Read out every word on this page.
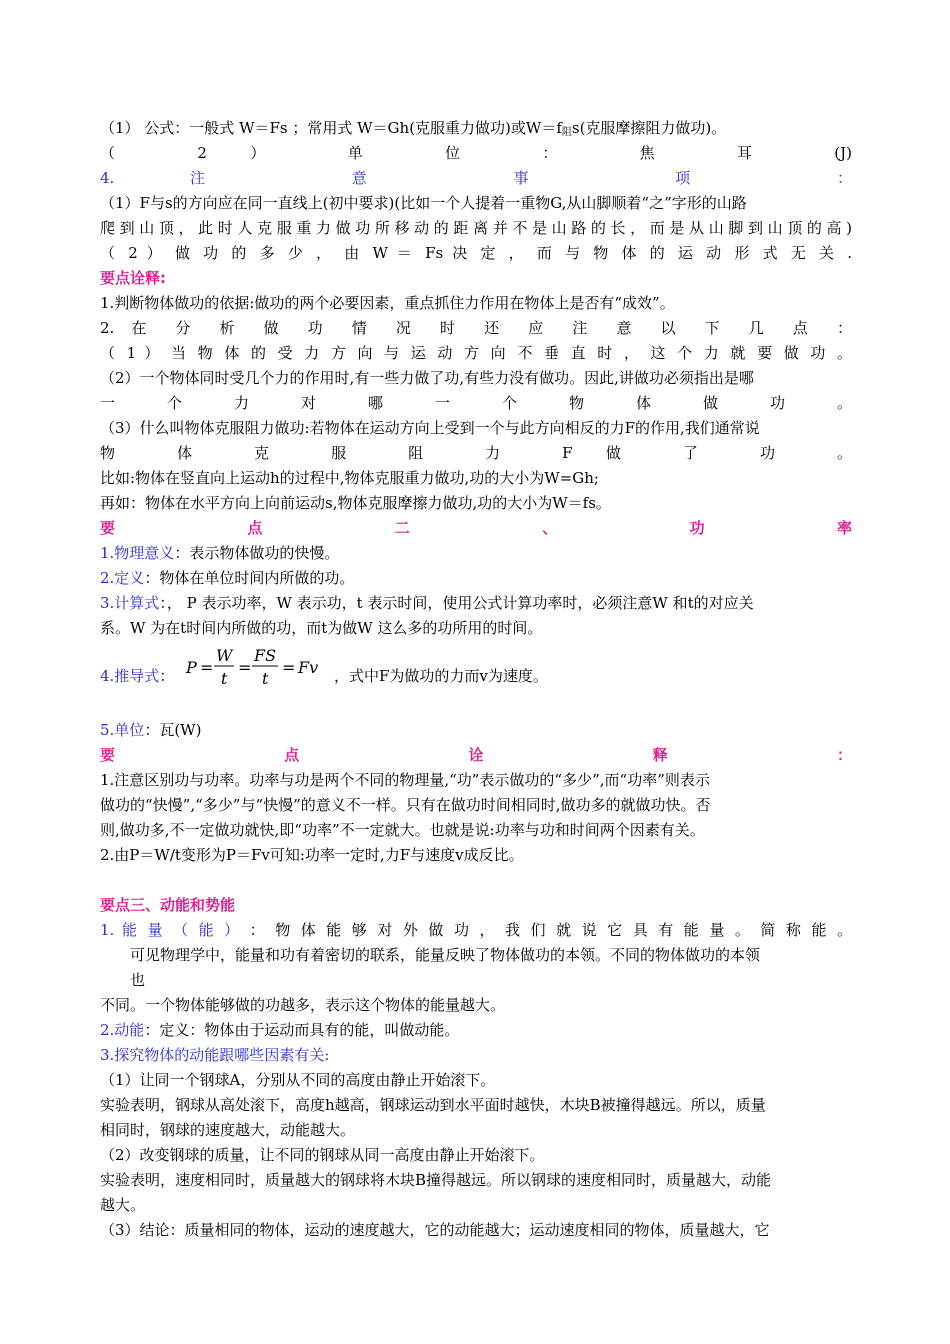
（1） 公式：一般式 W＝Fs ；常用式 W＝Gh(克服重力做功)或$W=f_阻s$(克服摩擦阻力做功)。
（ 2 ） 单 位 ： 焦 耳 (J)
4. 注 意 事 项 ：
（1）F与s的方向应在同一直线上(初中要求)(比如一个人提着一重物G,从山脚顺着“之”字形的山路
爬到山顶，此时人克服重力做功所移动的距离并不是山路的长，而是从山脚到山顶的高)
（ 2 ） 做 功 的 多 少 ， 由 W ＝ Fs 决 定 ， 而 与 物 体 的 运 动 形 式 无 关 .
要点诠释:
1.判断物体做功的依据:做功的两个必要因素，重点抓住力作用在物体上是否有“成效”。
2. 在 分 析 做 功 情 况 时 还 应 注 意 以 下 几 点 ：
（ 1 ） 当 物 体 的 受 力 方 向 与 运 动 方 向 不 垂 直 时 ， 这 个 力 就 要 做 功 。
（2）一个物体同时受几个力的作用时,有一些力做了功,有些力没有做功。因此,讲做功必须指出是哪
一 个 力 对 哪 一 个 物 体 做 功 。
（3）什么叫物体克服阻力做功:若物体在运动方向上受到一个与此方向相反的力F的作用,我们通常说
物 体 克 服 阻 力 F 做 了 功 。
比如:物体在竖直向上运动h的过程中,物体克服重力做功,功的大小为W=Gh;
再如：物体在水平方向上向前运动s,物体克服摩擦力做功,功的大小为W＝fs。
要 点 二 、 功 率
1.物理意义：表示物体做功的快慢。
2.定义：物体在单位时间内所做的功。
3.计算式：， P 表示功率，W 表示功，t 表示时间，使用公式计算功率时，必须注意W 和t的对应关
系。W 为在t时间内所做的功，而t为做W 这么多的功所用的时间。
4.推导式： P =
W
t
=
FS
t
= Fv ，式中F为做功的力而v为速度。
5.单位：瓦(W)
要 点 诠 释 ：
1.注意区别功与功率。功率与功是两个不同的物理量,“功”表示做功的“多少”,而“功率”则表示
做功的“快慢”,“多少”与“快慢”的意义不一样。只有在做功时间相同时,做功多的就做功快。否
则,做功多,不一定做功就快,即“功率”不一定就大。也就是说:功率与功和时间两个因素有关。
2.由P＝W/t变形为P＝Fv可知:功率一定时,力F与速度v成反比。
要点三、动能和势能
1. 能 量 （ 能 ） ： 物 体 能 够 对 外 做 功 ， 我 们 就 说 它 具 有 能 量 。 简 称 能 。
可见物理学中，能量和功有着密切的联系，能量反映了物体做功的本领。不同的物体做功的本领
也
不同。一个物体能够做的功越多，表示这个物体的能量越大。
2.动能：定义：物体由于运动而具有的能，叫做动能。
3.探究物体的动能跟哪些因素有关:
（1）让同一个钢球A，分别从不同的高度由静止开始滚下。
实验表明，钢球从高处滚下，高度h越高，钢球运动到水平面时越快，木块B被撞得越远。所以，质量
相同时，钢球的速度越大，动能越大。
（2）改变钢球的质量，让不同的钢球从同一高度由静止开始滚下。
实验表明，速度相同时，质量越大的钢球将木块B撞得越远。所以钢球的速度相同时，质量越大，动能
越大。
（3）结论：质量相同的物体，运动的速度越大，它的动能越大；运动速度相同的物体，质量越大，它
